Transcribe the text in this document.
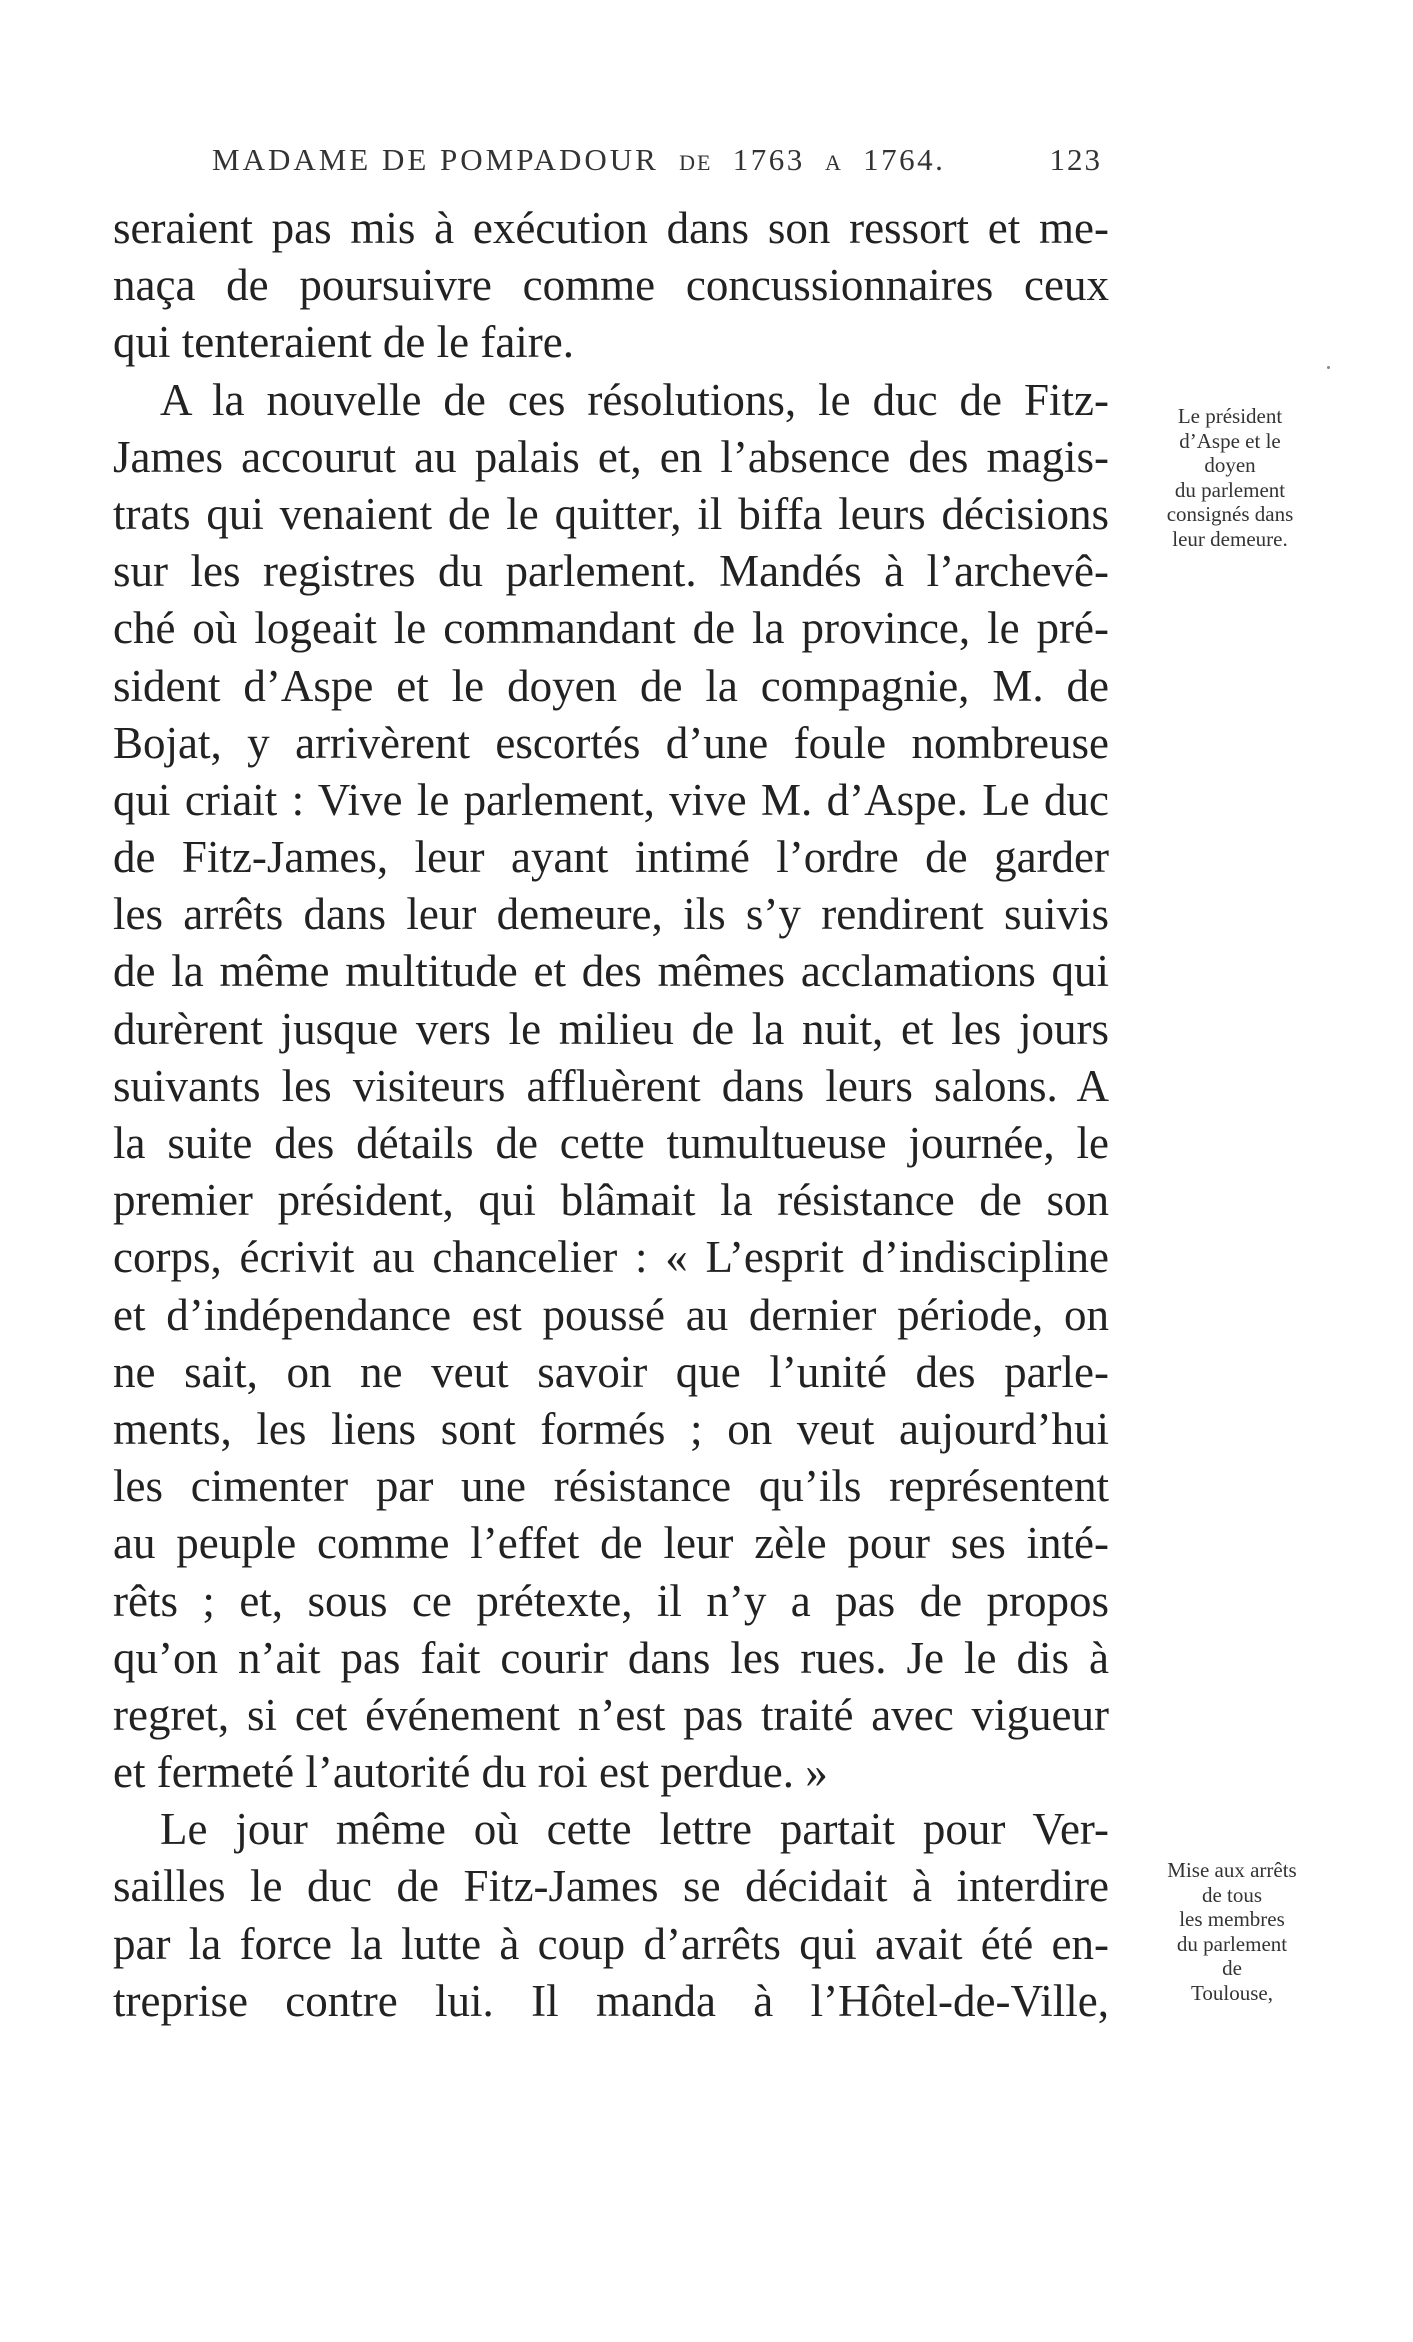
MADAME DE POMPADOUR DE 1763 A 1764.	123
seraient pas mis à exécution dans son ressort et me-
naça de poursuivre comme concussionnaires ceux
qui tenteraient de le faire.
A la nouvelle de ces résolutions, le duc de Fitz-
James accourut au palais et, en l’absence des magis-
trats qui venaient de le quitter, il biffa leurs décisions
sur les registres du parlement. Mandés à l’archevê-
ché où logeait le commandant de la province, le pré-
sident d’Aspe et le doyen de la compagnie, M. de
Bojat, y arrivèrent escortés d’une foule nombreuse
qui criait : Vive le parlement, vive M. d’Aspe. Le duc
de Fitz-James, leur ayant intimé l’ordre de garder
les arrêts dans leur demeure, ils s’y rendirent suivis
de la même multitude et des mêmes acclamations qui
durèrent jusque vers le milieu de la nuit, et les jours
suivants les visiteurs affluèrent dans leurs salons. A
la suite des détails de cette tumultueuse journée, le
premier président, qui blâmait la résistance de son
corps, écrivit au chancelier : « L’esprit d’indiscipline
et d’indépendance est poussé au dernier période, on
ne sait, on ne veut savoir que l’unité des parle-
ments, les liens sont formés ; on veut aujourd’hui
les cimenter par une résistance qu’ils représentent
au peuple comme l’effet de leur zèle pour ses inté-
rêts ; et, sous ce prétexte, il n’y a pas de propos
qu’on n’ait pas fait courir dans les rues. Je le dis à
regret, si cet événement n’est pas traité avec vigueur
et fermeté l’autorité du roi est perdue. »
Le jour même où cette lettre partait pour Ver-
sailles le duc de Fitz-James se décidait à interdire
par la force la lutte à coup d’arrêts qui avait été en-
treprise contre lui. Il manda à l’Hôtel-de-Ville,
Le président
d’Aspe et le
doyen
du parlement
consignés dans
leur demeure.
Mise aux arrêts
de tous
les membres
du parlement
de
Toulouse,
